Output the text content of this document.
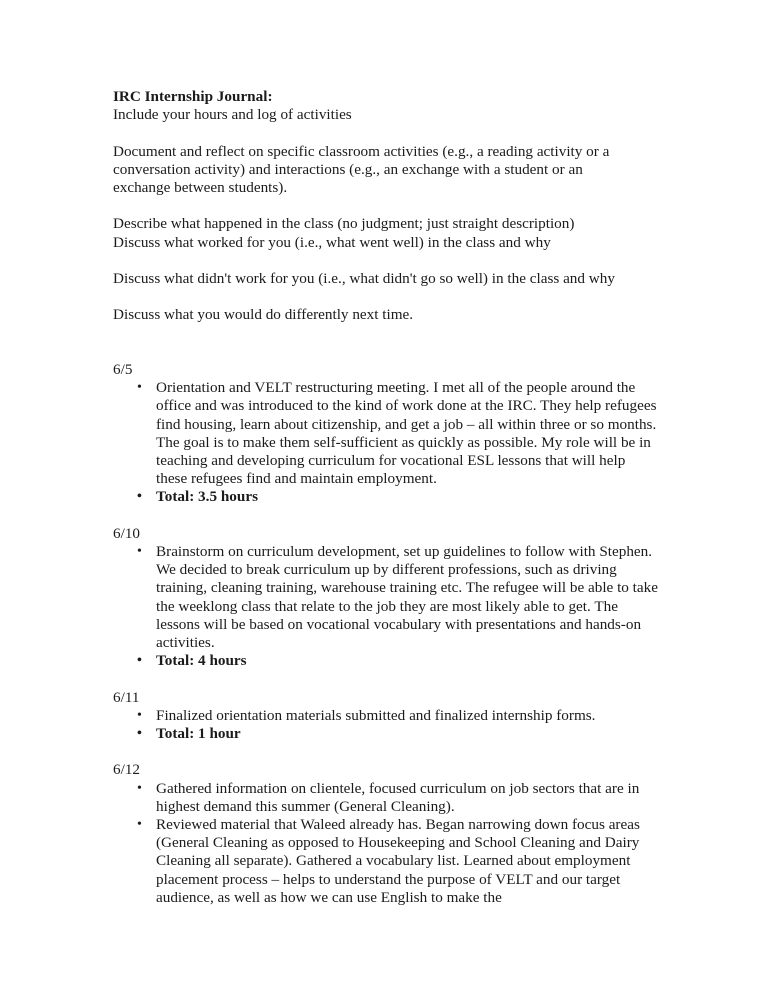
IRC Internship Journal:
Include your hours and log of activities
Document and reflect on specific classroom activities (e.g., a reading activity or a
conversation activity) and interactions (e.g., an exchange with a student or an
exchange between students).
Describe what happened in the class (no judgment; just straight description)
Discuss what worked for you (i.e., what went well) in the class and why
Discuss what didn't work for you (i.e., what didn't go so well) in the class and why
Discuss what you would do differently next time.
6/5
• Orientation and VELT restructuring meeting. I met all of the people around the office and was introduced to the kind of work done at the IRC. They help refugees find housing, learn about citizenship, and get a job – all within three or so months. The goal is to make them self-sufficient as quickly as possible. My role will be in teaching and developing curriculum for vocational ESL lessons that will help these refugees find and maintain employment.
• Total: 3.5 hours
6/10
• Brainstorm on curriculum development, set up guidelines to follow with Stephen. We decided to break curriculum up by different professions, such as driving training, cleaning training, warehouse training etc. The refugee will be able to take the weeklong class that relate to the job they are most likely able to get. The lessons will be based on vocational vocabulary with presentations and hands-on activities.
• Total: 4 hours
6/11
• Finalized orientation materials submitted and finalized internship forms.
• Total: 1 hour
6/12
• Gathered information on clientele, focused curriculum on job sectors that are in highest demand this summer (General Cleaning).
• Reviewed material that Waleed already has. Began narrowing down focus areas (General Cleaning as opposed to Housekeeping and School Cleaning and Dairy Cleaning all separate). Gathered a vocabulary list. Learned about employment placement process – helps to understand the purpose of VELT and our target audience, as well as how we can use English to make the
